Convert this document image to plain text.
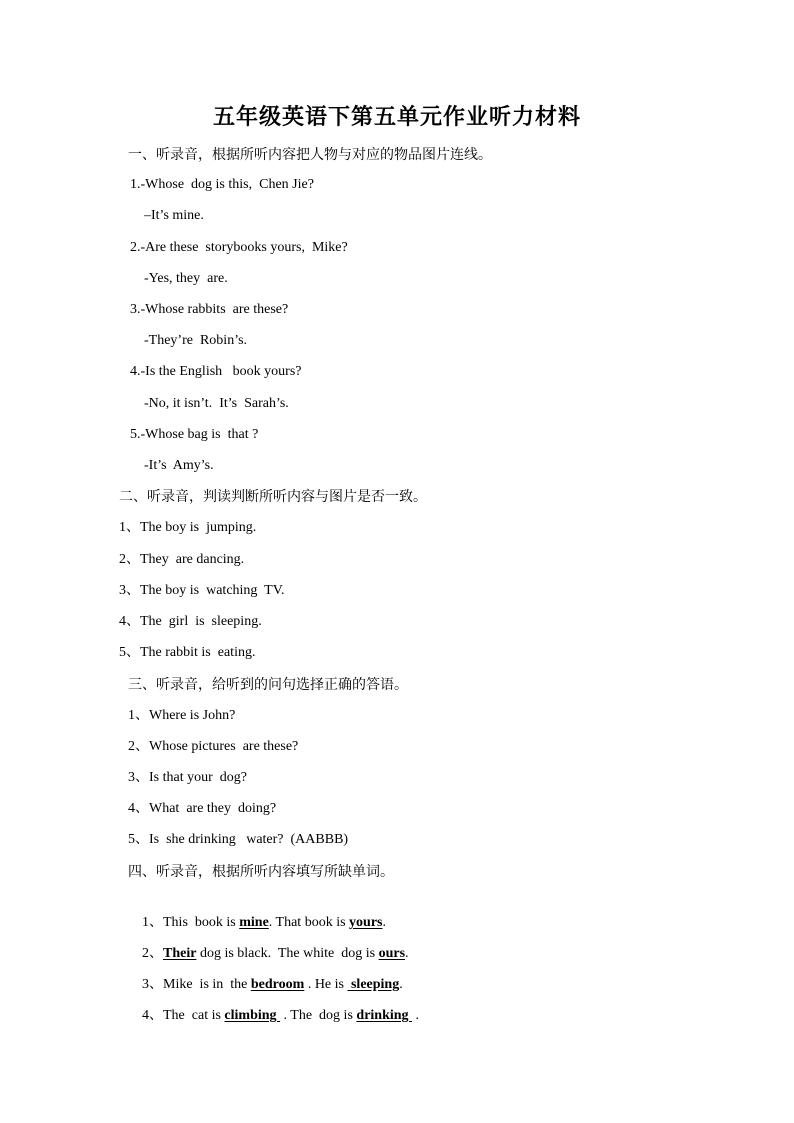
五年级英语下第五单元作业听力材料
一、听录音，根据所听内容把人物与对应的物品图片连线。
1.-Whose  dog is this,  Chen Jie?
–It’s mine.
2.-Are these  storybooks yours,  Mike?
-Yes, they  are.
3.-Whose rabbits  are these?
-They’re  Robin’s.
4.-Is the English   book yours?
-No, it isn’t.  It’s  Sarah’s.
5.-Whose bag is  that ?
-It’s  Amy’s.
二、听录音，判读判断所听内容与图片是否一致。
1、The boy is  jumping.
2、They  are dancing.
3、The boy is  watching  TV.
4、The  girl  is  sleeping.
5、The rabbit is  eating.
三、听录音，给听到的问句选择正确的答语。
1、Where is John?
2、Whose pictures  are these?
3、Is that your  dog?
4、What  are they  doing?
5、Is  she drinking   water?  (AABBB)
四、听录音，根据所听内容填写所缺单词。

1、This  book is mine. That book is yours.

2、Their dog is black.  The white  dog is ours.

3、Mike  is in  the bedroom . He is  sleeping.

4、The  cat is climbing  . The  dog is drinking  .
